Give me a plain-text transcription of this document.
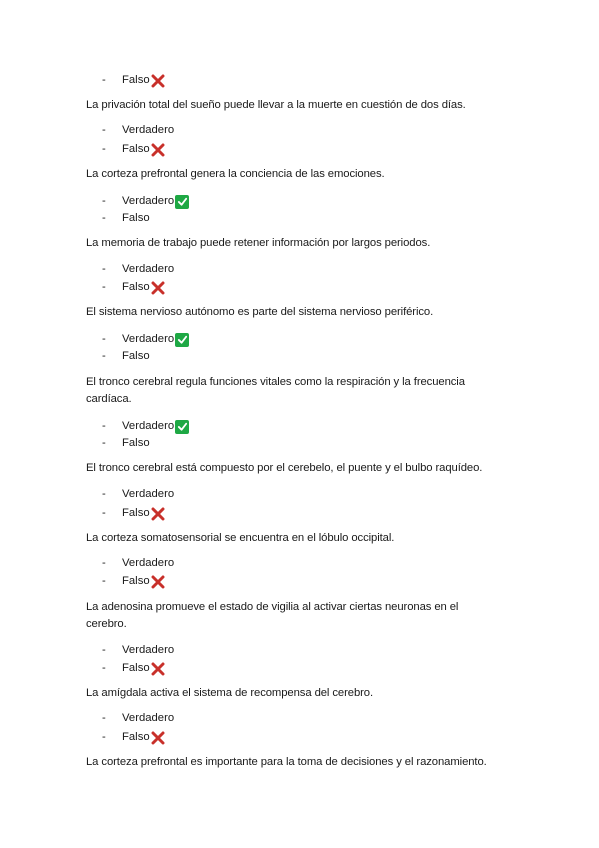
-	Falso

La privación total del sueño puede llevar a la muerte en cuestión de dos días.

-	Verdadero
-	Falso

La corteza prefrontal genera la conciencia de las emociones.

-	Verdadero
-	Falso

La memoria de trabajo puede retener información por largos periodos.

-	Verdadero
-	Falso

El sistema nervioso autónomo es parte del sistema nervioso periférico.

-	Verdadero
-	Falso

El tronco cerebral regula funciones vitales como la respiración y la frecuencia cardíaca.

-	Verdadero
-	Falso

El tronco cerebral está compuesto por el cerebelo, el puente y el bulbo raquídeo.

-	Verdadero
-	Falso

La corteza somatosensorial se encuentra en el lóbulo occipital.

-	Verdadero
-	Falso

La adenosina promueve el estado de vigilia al activar ciertas neuronas en el cerebro.

-	Verdadero
-	Falso

La amígdala activa el sistema de recompensa del cerebro.

-	Verdadero
-	Falso

La corteza prefrontal es importante para la toma de decisiones y el razonamiento.
